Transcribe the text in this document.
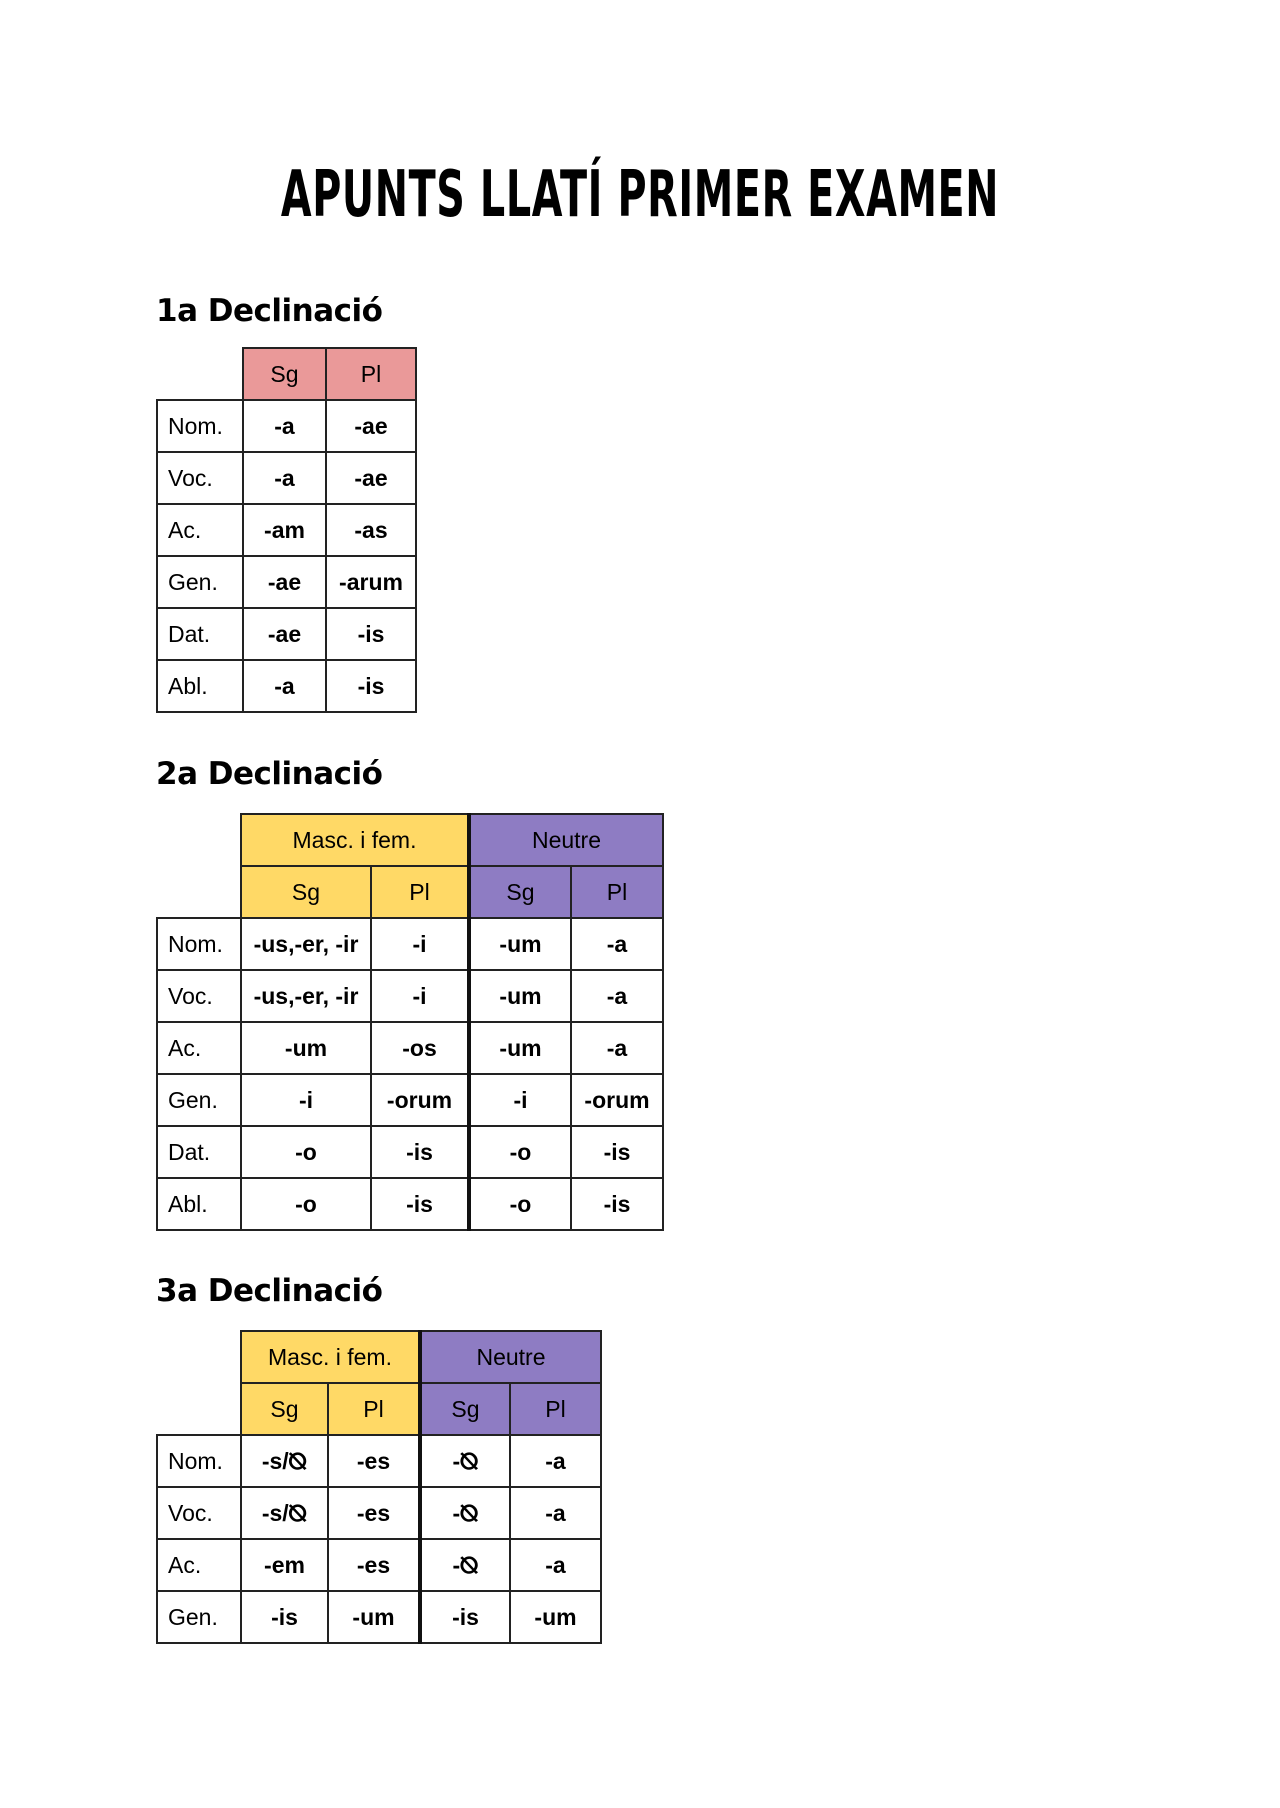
APUNTS LLATÍ PRIMER EXAMEN
1a Declinació
	Sg	Pl
Nom.	-a	-ae
Voc.	-a	-ae
Ac.	-am	-as
Gen.	-ae	-arum
Dat.	-ae	-is
Abl.	-a	-is
2a Declinació
	Masc. i fem.		Neutre	
	Sg	Pl	Sg	Pl
Nom.	-us,-er, -ir	-i	-um	-a
Voc.	-us,-er, -ir	-i	-um	-a
Ac.	-um	-os	-um	-a
Gen.	-i	-orum	-i	-orum
Dat.	-o	-is	-o	-is
Abl.	-o	-is	-o	-is
3a Declinació
	Masc. i fem.		Neutre	
	Sg	Pl	Sg	Pl
Nom.	-s/⦰	-es	-⦰	-a
Voc.	-s/⦰	-es	-⦰	-a
Ac.	-em	-es	-⦰	-a
Gen.	-is	-um	-is	-um
